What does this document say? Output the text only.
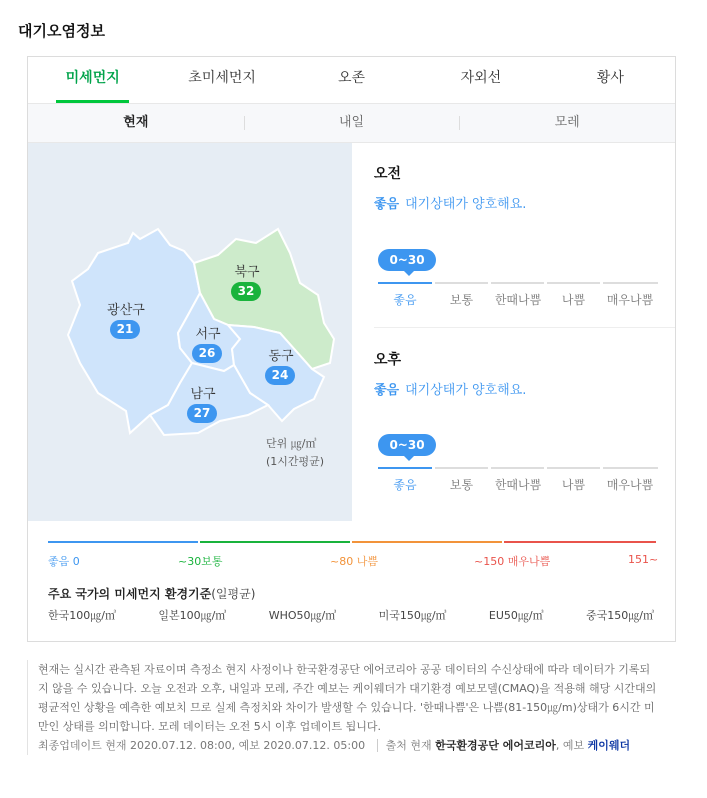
대기오염정보
미세먼지	초미세먼지	오존	자외선	황사
현재	내일	모레
광산구
21
북구
32
서구
26	동구
24
남구
27
단위 ㎍/㎥
(1시간평균)
오전
좋음 대기상태가 양호해요.
0~30
좋음	보통	한때나쁨	나쁨	매우나쁨
오후
좋음 대기상태가 양호해요.
0~30
좋음	보통	한때나쁨	나쁨	매우나쁨
좋음 0	~30보통	~80 나쁨	~150 매우나쁨	151~
주요 국가의 미세먼지 환경기준(일평균)
한국100㎍/㎥	일본100㎍/㎥	WHO50㎍/㎥	미국150㎍/㎥	EU50㎍/㎥	중국150㎍/㎥
현재는 실시간 관측된 자료이며 측정소 현지 사정이나 한국환경공단 에어코리아 공공 데이터의 수신상태에 따라 데이터가 기록되지 않을 수 있습니다. 오늘 오전과 오후, 내일과 모레, 주간 예보는 케이웨더가 대기환경 예보모델(CMAQ)을 적용해 해당 시간대의 평균적인 상황을 예측한 예보치 므로 실제 측정치와 차이가 발생할 수 있습니다. '한때나쁨'은 나쁨(81-150㎍/m)상태가 6시간 미만인 상태를 의미합니다. 모레 데이터는 오전 5시 이후 업데이트 됩니다.
최종업데이트 현재 2020.07.12. 08:00, 예보 2020.07.12. 05:00 출처 현재 한국환경공단 에어코리아, 예보 케이웨더
